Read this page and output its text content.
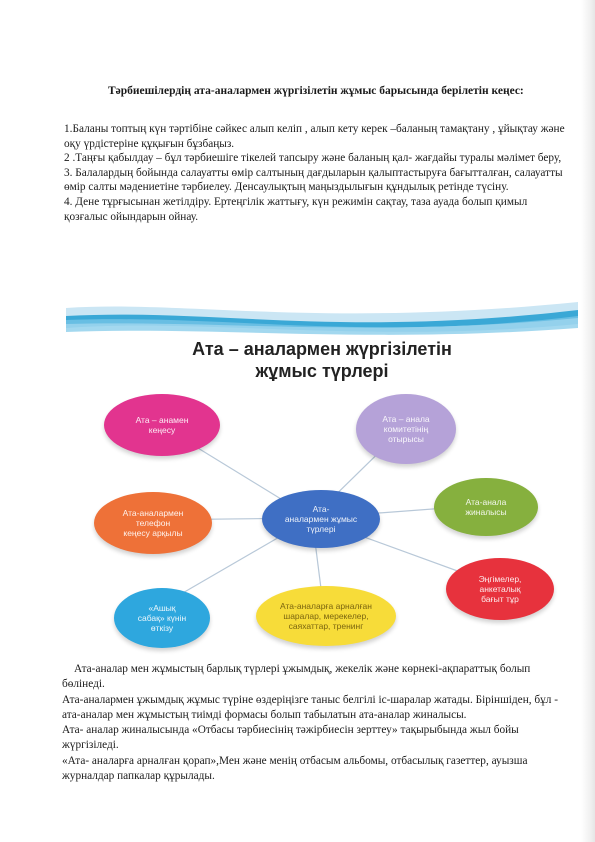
Тәрбиешілердің ата-аналармен жүргізілетін жұмыс барысында берілетін кеңес:

1.Баланы топтың күн тәртібіне сәйкес алып келіп , алып кету керек –баланың тамақтану , ұйықтау және оқу үрдістеріне құқығын бұзбаңыз.

2 .Таңғы қабылдау – бұл тәрбиешіге тікелей тапсыру және баланың қал- жағдайы туралы мәлімет беру,

3. Балалардың бойында салауатты өмір салтының дағдыларын қалыптастыруға бағытталған, салауатты өмір салты мәдениетіне тәрбиелеу. Денсаулықтың маңыздылығын құндылық ретінде түсіну.

4. Дене тұрғысынан жетілдіру. Ертеңгілік жаттығу, күн режимін сақтау, таза ауада болып қимыл қозғалыс ойындарын ойнау.

Ата – аналармен жүргізілетін
жұмыс түрлері
Ата – анамен
кеңесу
Ата – анала
комитетінің
отырысы
Ата-анала
жиналысы
Эңгімелер,
анкеталық
бағыт тұр
Ата-аналарға арналған
шаралар, мерекелер,
саяхаттар, тренинг
«Ашық
сабақ» күнін
өткізу
Ата-аналармен
телефон
кеңесу арқылы
Ата-
аналармен жұмыс
түрлері

Ата-аналар мен жұмыстың барлық түрлері ұжымдық, жекелік және көрнекі-ақпараттық болып бөлінеді.

Ата-аналармен ұжымдық жұмыс түріне өздеріңізге таныс белгілі іс-шаралар жатады. Біріншіден, бұл - ата-аналар мен жұмыстың тиімді формасы болып табылатын ата-аналар жиналысы.

Ата- аналар жиналысында «Отбасы тәрбиесінің тәжірбиесін зерттеу» тақырыбында жыл бойы жүргізіледі.

«Ата- аналарға арналған қорап»,Мен және менің отбасым альбомы, отбасылық газеттер, ауызша журналдар папкалар құрылады.
